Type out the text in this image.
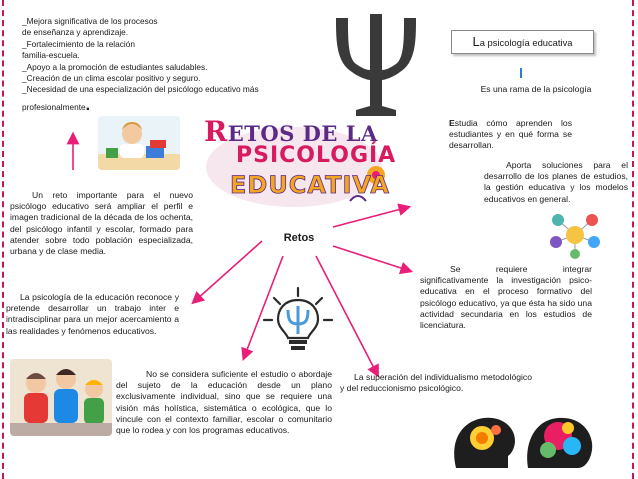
_Mejora significativa de los procesos
de enseñanza y aprendizaje.
_Fortalecimiento de la relación
familia-escuela.
_Apoyo a la promoción de estudiantes saludables.
_Creación de un clima escolar positivo y seguro.
_Necesidad de una especialización del psicólogo educativo más
profesionalmente.
La psicología educativa
Es una rama de la psicología
Estudia cómo aprenden los estudiantes y en qué forma se desarrollan.
Aporta soluciones para el desarrollo de los planes de estudios, la gestión educativa y los modelos educativos en general.
Se requiere integrar significativamente la investigación psico-educativa en el proceso formativo del psicólogo educativo, ya que ésta ha sido una actividad secundaria en los estudios de licenciatura.
La superación del individualismo metodológico y del reduccionismo psicológico.
Un reto importante para el nuevo psicólogo educativo será ampliar el perfil e imagen tradicional de la década de los ochenta, del psicólogo infantil y escolar, formado para atender sobre todo población especializada, urbana y de clase media.
La psicología de la educación reconoce y pretende desarrollar un trabajo inter e intradisciplinar para un mejor acercamiento a las realidades y fenómenos educativos.
No se considera suficiente el estudio o abordaje del sujeto de la educación desde un plano exclusivamente individual, sino que se requiere una visión más holística, sistemática o ecológica, que lo vincule con el contexto familiar, escolar o comunitario que lo rodea y con los programas educativos.
RETOS DE LA
PSICOLOGÍA
EDUCATIVA
Retos
